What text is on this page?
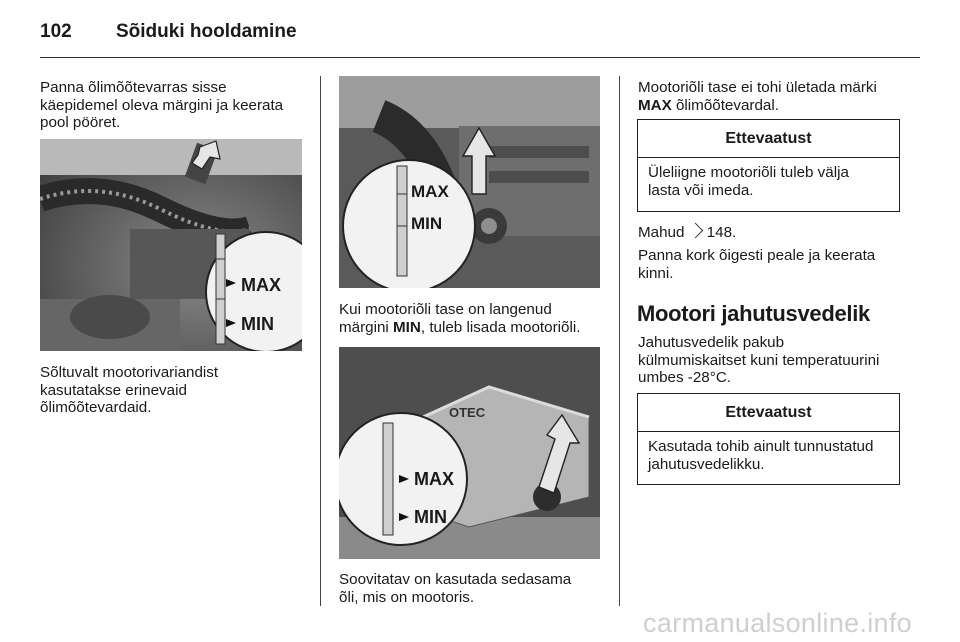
102 Sõiduki hooldamine
Panna õlimõõtevarras sisse
käepidemel oleva märgini ja keerata
pool pööret.
MAX
MIN
Sõltuvalt mootorivariandist
kasutatakse erinevaid
õlimõõtevardaid.
MAX
MIN
Kui mootoriõli tase on langenud
märgini MIN, tuleb lisada mootoriõli.
OTEC
MAX
MIN
Soovitatav on kasutada sedasama
õli, mis on mootoris.
Mootoriõli tase ei tohi ületada märki
MAX õlimõõtevardal.
Ettevaatust
Üleliigne mootoriõli tuleb välja
lasta või imeda.
Mahud 148.
Panna kork õigesti peale ja keerata
kinni.
Mootori jahutusvedelik
Jahutusvedelik pakub
külmumiskaitset kuni temperatuurini
umbes -28°C.
Ettevaatust
Kasutada tohib ainult tunnustatud
jahutusvedelikku.
carmanualsonline.info
